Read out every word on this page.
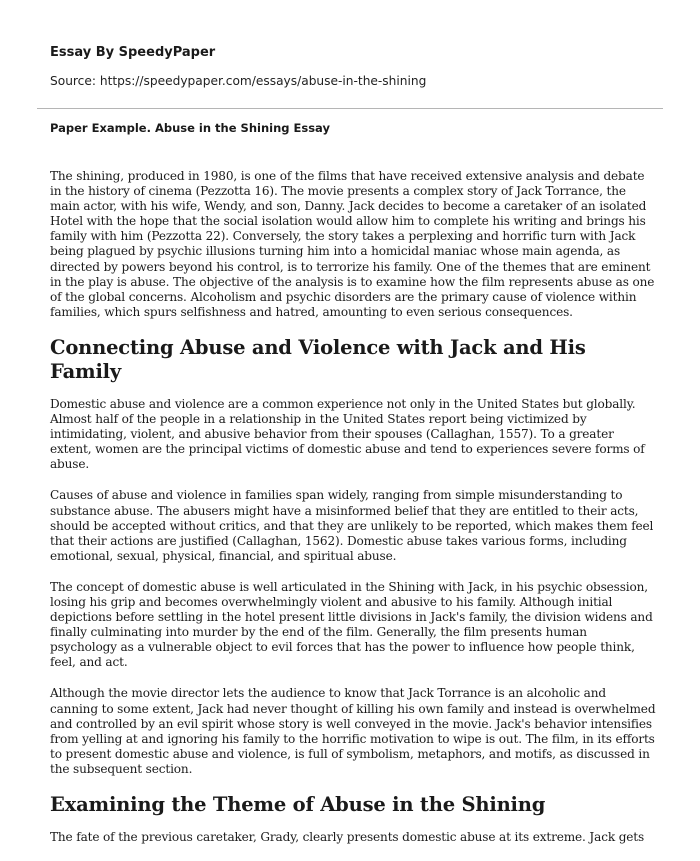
Essay By SpeedyPaper

Source: https://speedypaper.com/essays/abuse-in-the-shining

Paper Example. Abuse in the Shining Essay

The shining, produced in 1980, is one of the films that have received extensive analysis and debate in the history of cinema (Pezzotta 16). The movie presents a complex story of Jack Torrance, the main actor, with his wife, Wendy, and son, Danny. Jack decides to become a caretaker of an isolated Hotel with the hope that the social isolation would allow him to complete his writing and brings his family with him (Pezzotta 22). Conversely, the story takes a perplexing and horrific turn with Jack being plagued by psychic illusions turning him into a homicidal maniac whose main agenda, as directed by powers beyond his control, is to terrorize his family. One of the themes that are eminent in the play is abuse. The objective of the analysis is to examine how the film represents abuse as one of the global concerns. Alcoholism and psychic disorders are the primary cause of violence within families, which spurs selfishness and hatred, amounting to even serious consequences.

Connecting Abuse and Violence with Jack and His Family

Domestic abuse and violence are a common experience not only in the United States but globally. Almost half of the people in a relationship in the United States report being victimized by intimidating, violent, and abusive behavior from their spouses (Callaghan, 1557). To a greater extent, women are the principal victims of domestic abuse and tend to experiences severe forms of abuse.

Causes of abuse and violence in families span widely, ranging from simple misunderstanding to substance abuse. The abusers might have a misinformed belief that they are entitled to their acts, should be accepted without critics, and that they are unlikely to be reported, which makes them feel that their actions are justified (Callaghan, 1562). Domestic abuse takes various forms, including emotional, sexual, physical, financial, and spiritual abuse.

The concept of domestic abuse is well articulated in the Shining with Jack, in his psychic obsession, losing his grip and becomes overwhelmingly violent and abusive to his family. Although initial depictions before settling in the hotel present little divisions in Jack's family, the division widens and finally culminating into murder by the end of the film. Generally, the film presents human psychology as a vulnerable object to evil forces that has the power to influence how people think, feel, and act.

Although the movie director lets the audience to know that Jack Torrance is an alcoholic and canning to some extent, Jack had never thought of killing his own family and instead is overwhelmed and controlled by an evil spirit whose story is well conveyed in the movie. Jack's behavior intensifies from yelling at and ignoring his family to the horrific motivation to wipe is out. The film, in its efforts to present domestic abuse and violence, is full of symbolism, metaphors, and motifs, as discussed in the subsequent section.

Examining the Theme of Abuse in the Shining

The fate of the previous caretaker, Grady, clearly presents domestic abuse at its extreme. Jack gets
